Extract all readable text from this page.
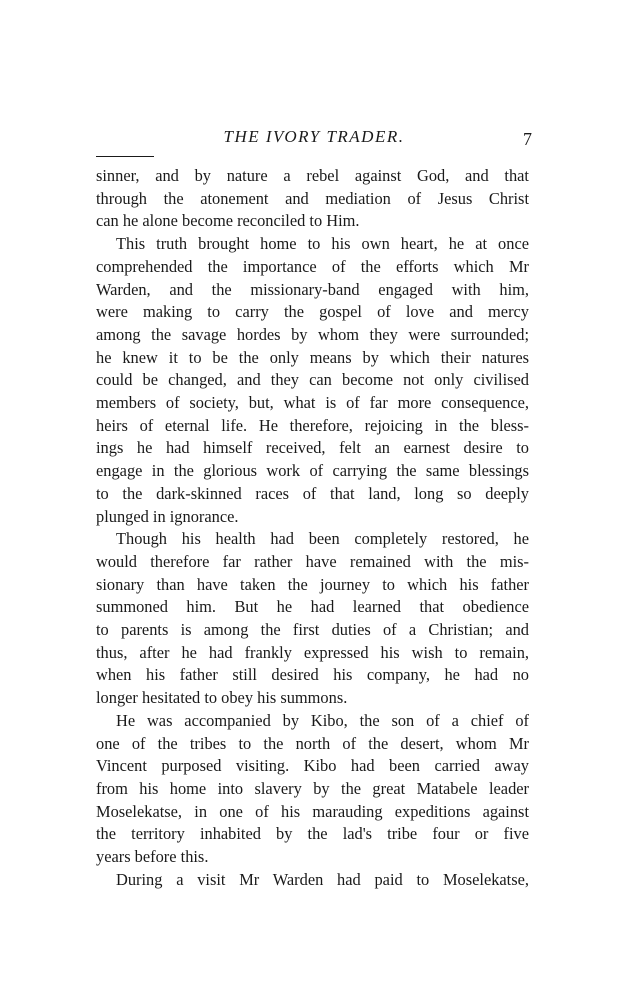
THE IVORY TRADER.	7
sinner, and by nature a rebel against God, and that
through the atonement and mediation of Jesus Christ
can he alone become reconciled to Him.
This truth brought home to his own heart, he at once
comprehended the importance of the efforts which Mr
Warden, and the missionary-band engaged with him,
were making to carry the gospel of love and mercy
among the savage hordes by whom they were surrounded;
he knew it to be the only means by which their natures
could be changed, and they can become not only civilised
members of society, but, what is of far more consequence,
heirs of eternal life. He therefore, rejoicing in the bless-
ings he had himself received, felt an earnest desire to
engage in the glorious work of carrying the same blessings
to the dark-skinned races of that land, long so deeply
plunged in ignorance.
Though his health had been completely restored, he
would therefore far rather have remained with the mis-
sionary than have taken the journey to which his father
summoned him. But he had learned that obedience
to parents is among the first duties of a Christian; and
thus, after he had frankly expressed his wish to remain,
when his father still desired his company, he had no
longer hesitated to obey his summons.
He was accompanied by Kibo, the son of a chief of
one of the tribes to the north of the desert, whom Mr
Vincent purposed visiting. Kibo had been carried away
from his home into slavery by the great Matabele leader
Moselekatse, in one of his marauding expeditions against
the territory inhabited by the lad's tribe four or five
years before this.
During a visit Mr Warden had paid to Moselekatse,
